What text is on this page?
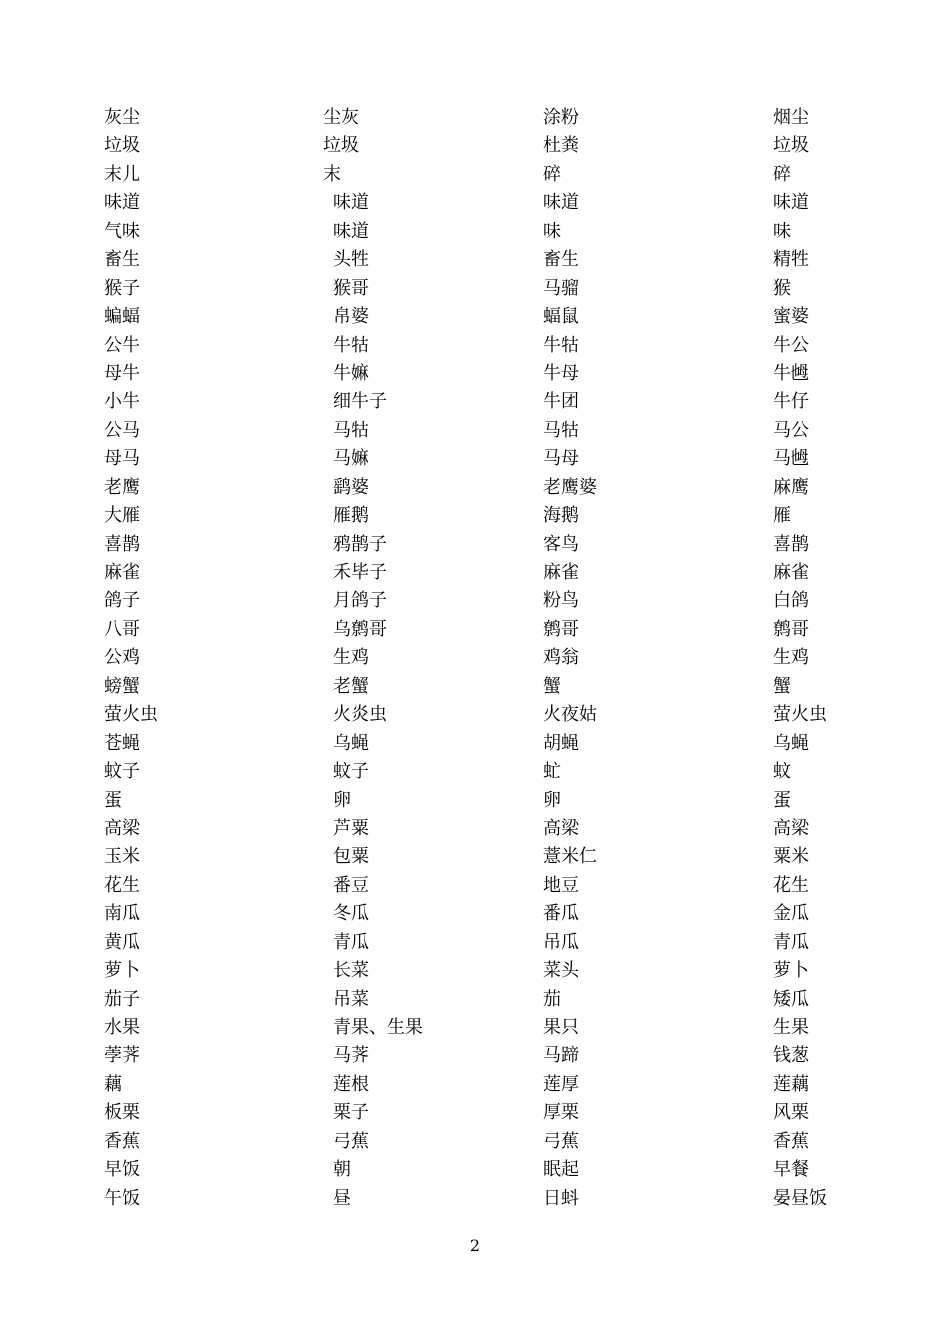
灰尘	尘灰	涂粉	烟尘
垃圾	垃圾	杜粪	垃圾
末儿	末	碎	碎
味道	味道	味道	味道
气味	味道	味	味
畜生	头牲	畜生	精牲
猴子	猴哥	马骝	猴
蝙蝠	帛婆	蝠鼠	蜜婆
公牛	牛牯	牛牯	牛公
母牛	牛嫲	牛母	牛乸
小牛	细牛子	牛团	牛仔
公马	马牯	马牯	马公
母马	马嫲	马母	马乸
老鹰	鹞婆	老鹰婆	麻鹰
大雁	雁鹅	海鹅	雁
喜鹊	鸦鹊子	客鸟	喜鹊
麻雀	禾毕子	麻雀	麻雀
鸽子	月鸽子	粉鸟	白鸽
八哥	乌鹩哥	鹩哥	鹩哥
公鸡	生鸡	鸡翁	生鸡
螃蟹	老蟹	蟹	蟹
萤火虫	火炎虫	火夜姑	萤火虫
苍蝇	乌蝇	胡蝇	乌蝇
蚊子	蚊子	虻	蚊
蛋	卵	卵	蛋
高梁	芦粟	高梁	高梁
玉米	包粟	薏米仁	粟米
花生	番豆	地豆	花生
南瓜	冬瓜	番瓜	金瓜
黄瓜	青瓜	吊瓜	青瓜
萝卜	长菜	菜头	萝卜
茄子	吊菜	茄	矮瓜
水果	青果、生果	果只	生果
荸荠	马荠	马蹄	钱葱
藕	莲根	莲厚	莲藕
板栗	栗子	厚栗	风栗
香蕉	弓蕉	弓蕉	香蕉
早饭	朝	眠起	早餐
午饭	昼	日蚪	晏昼饭
2
